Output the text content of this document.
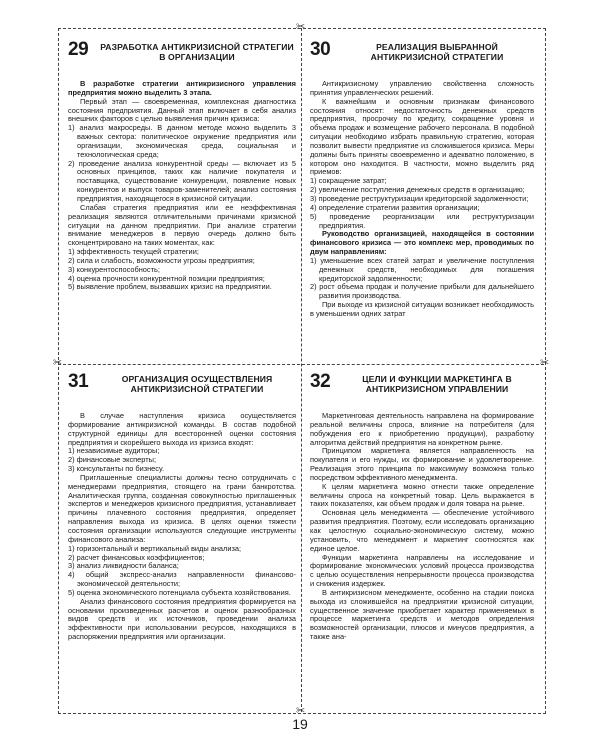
✂
✂	✂
✂
29	РАЗРАБОТКА АНТИКРИЗИСНОЙ СТРАТЕГИИ В ОРГАНИЗАЦИИ

В разработке стратегии антикризисного управления предприятия можно выделить 3 этапа.

Первый этап — своевременная, комплексная диагностика состояния предприятия. Данный этап включает в себя анализ внешних факторов с целью выявления причин кризиса:

1) анализ макросреды. В данном методе можно выделить 3 важных сектора: политическое окружение предприятия или организации, экономическая среда, социальная и технологическая среда;

2) проведение анализа конкурентной среды — включает из 5 основных принципов, таких как наличие покупателя и поставщика, существование конкуренции, появление новых конкурентов и выпуск товаров-заменителей; анализ состояния предприятия, находящегося в кризисной ситуации.

Слабая стратегия предприятия или ее неэффективная реализация являются отличительными причинами кризисной ситуации на данном предприятии. При анализе стратегии внимание менеджеров в первую очередь должно быть сконцентрировано на таких моментах, как:

1) эффективность текущей стратегии;

2) сила и слабость, возможности угрозы предприятия;

3) конкурентоспособность;

4) оценка прочности конкурентной позиции предприятия;

5) выявление проблем, вызвавших кризис на предприятии.

30	РЕАЛИЗАЦИЯ ВЫБРАННОЙ АНТИКРИЗИСНОЙ СТРАТЕГИИ

Антикризисному управлению свойственна сложность принятия управленческих решений.

К важнейшим и основным признакам финансового состояния относят: недостаточность денежных средств предприятия, просрочку по кредиту, сокращение уровня и объема продаж и возмещение рабочего персонала. В подобной ситуации необходимо избрать правильную стратегию, которая позволит вывести предприятие из сложившегося кризиса. Меры должны быть приняты своевременно и адекватно положению, в котором оно находится. В частности, можно выделить ряд приемов:

1) сокращение затрат;

2) увеличение поступления денежных средств в организацию;

3) проведение реструктуризации кредиторской задолженности;

4) определение стратегии развития организации;

5) проведение реорганизации или реструктуризации предприятия.

Руководство организацией, находящейся в состоянии финансового кризиса — это комплекс мер, проводимых по двум направлениям:

1) уменьшение всех статей затрат и увеличение поступления денежных средств, необходимых для погашения кредиторской задолженности;

2) рост объема продаж и получение прибыли для дальнейшего развития производства.

При выходе из кризисной ситуации возникает необходимость в уменьшении одних затрат

31	ОРГАНИЗАЦИЯ ОСУЩЕСТВЛЕНИЯ АНТИКРИЗИСНОЙ СТРАТЕГИИ

В случае наступления кризиса осуществляется формирование антикризисной команды. В состав подобной структурной единицы для всесторонней оценки состояния предприятия и скорейшего выхода из кризиса входят:

1) независимые аудиторы;

2) финансовые эксперты;

3) консультанты по бизнесу.

Приглашенные специалисты должны тесно сотрудничать с менеджерами предприятия, стоящего на грани банкротства. Аналитическая группа, созданная совокупностью приглашенных экспертов и менеджеров кризисного предприятия, устанавливает причины плачевного состояния предприятия, определяет направления выхода из кризиса. В целях оценки тяжести состояния организации используются следующие инструменты финансового анализа:

1) горизонтальный и вертикальный виды анализа;

2) расчет финансовых коэффициентов;

3) анализ ликвидности баланса;

4) общий экспресс-анализ направленности финансово-экономической деятельности;

5) оценка экономического потенциала субъекта хозяйствования.

Анализ финансового состояния предприятия формируется на основании произведенных расчетов и оценок разнообразных видов средств и их источников, проведении анализа эффективности при использовании ресурсов, находящихся в распоряжении предприятия или организации.

32	ЦЕЛИ И ФУНКЦИИ МАРКЕТИНГА В АНТИКРИЗИСНОМ УПРАВЛЕНИИ

Маркетинговая деятельность направлена на формирование реальной величины спроса, влияние на потребителя (для побуждения его к приобретению продукции), разработку алгоритма действий предприятия на конкретном рынке.

Принципом маркетинга является направленность на покупателя и его нужды, их формирование и удовлетворение. Реализация этого принципа по максимуму возможна только посредством эффективного менеджмента.

К целям маркетинга можно отнести также определение величины спроса на конкретный товар. Цель выражается в таких показателях, как объем продаж и доля товара на рынке.

Основная цель менеджмента — обеспечение устойчивого развития предприятия. Поэтому, если исследовать организацию как целостную социально-экономическую систему, можно установить, что менеджмент и маркетинг соотносятся как единое целое.

Функции маркетинга направлены на исследование и формирование экономических условий процесса производства с целью осуществления непрерывности процесса производства и снижения издержек.

В антикризисном менеджменте, особенно на стадии поиска выхода из сложившейся на предприятии кризисной ситуации, существенное значение приобретает характер применяемых в процессе маркетинга средств и методов определения возможностей организации, плюсов и минусов предприятия, а также ана-

19
